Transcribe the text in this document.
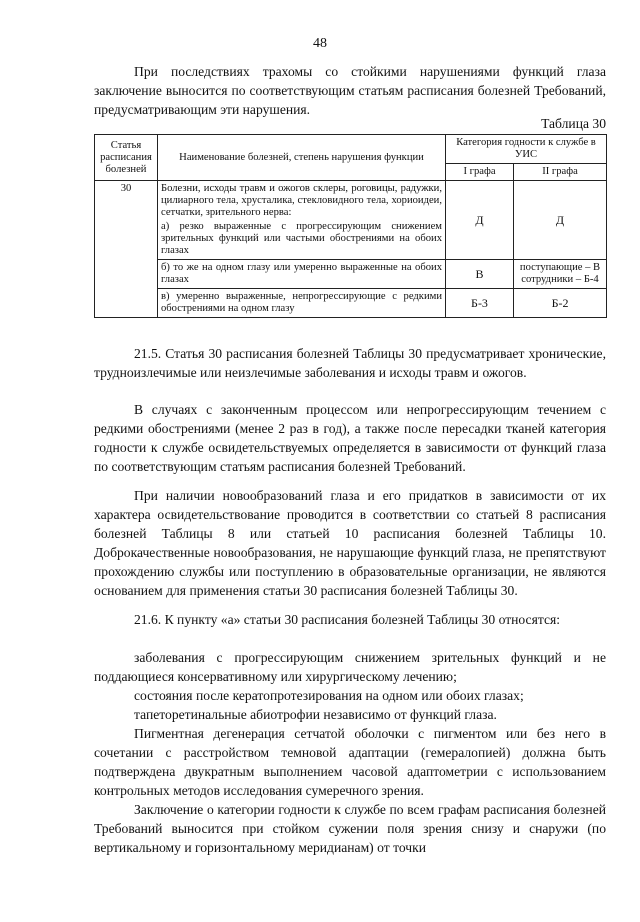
48

При последствиях трахомы со стойкими нарушениями функций глаза заключение выносится по соответствующим статьям расписания болезней Требований, предусматривающим эти нарушения.

Таблица 30
Статья расписания болезней	Наименование болезней, степень нарушения функции	Категория годности к службе в УИС	
		I графа	II графа
30	Болезни, исходы травм и ожогов склеры, роговицы, радужки, цилиарного тела, хрусталика, стекловидного тела, хориоидеи, сетчатки, зрительного нерва:
а) резко выраженные с прогрессирующим снижением зрительных функций или частыми обострениями на обоих глазах	Д	Д
	б) то же на одном глазу или умеренно выраженные на обоих глазах	В	поступающие – В сотрудники – Б-4
	в) умеренно выраженные, непрогрессирующие с редкими обострениями на одном глазу	Б-3	Б-2

21.5. Статья 30 расписания болезней Таблицы 30 предусматривает хронические, трудноизлечимые или неизлечимые заболевания и исходы травм и ожогов.

В случаях с законченным процессом или непрогрессирующим течением с редкими обострениями (менее 2 раз в год), а также после пересадки тканей категория годности к службе освидетельствуемых определяется в зависимости от функций глаза по соответствующим статьям расписания болезней Требований.

При наличии новообразований глаза и его придатков в зависимости от их характера освидетельствование проводится в соответствии со статьей 8 расписания болезней Таблицы 8 или статьей 10 расписания болезней Таблицы 10. Доброкачественные новообразования, не нарушающие функций глаза, не препятствуют прохождению службы или поступлению в образовательные организации, не являются основанием для применения статьи 30 расписания болезней Таблицы 30.

21.6. К пункту «а» статьи 30 расписания болезней Таблицы 30 относятся:

заболевания с прогрессирующим снижением зрительных функций и не поддающиеся консервативному или хирургическому лечению;

состояния после кератопротезирования на одном или обоих глазах;

тапеторетинальные абиотрофии независимо от функций глаза.

Пигментная дегенерация сетчатой оболочки с пигментом или без него в сочетании с расстройством темновой адаптации (гемералопией) должна быть подтверждена двукратным выполнением часовой адаптометрии с использованием контрольных методов исследования сумеречного зрения.

Заключение о категории годности к службе по всем графам расписания болезней Требований выносится при стойком сужении поля зрения снизу и снаружи (по вертикальному и горизонтальному меридианам) от точки
